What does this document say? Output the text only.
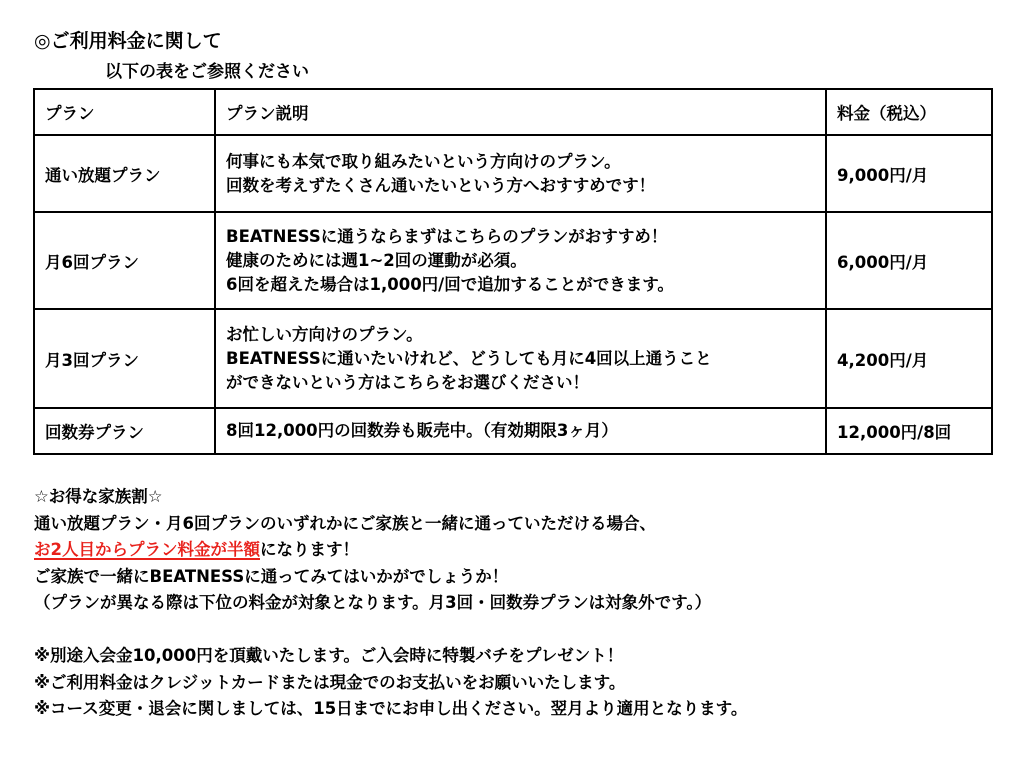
◎ご利用料金に関して
以下の表をご参照ください
プラン	プラン説明	料金（税込）
通い放題プラン	何事にも本気で取り組みたいという方向けのプラン。
回数を考えずたくさん通いたいという方へおすすめです！	9,000円/月
月6回プラン	BEATNESSに通うならまずはこちらのプランがおすすめ！
健康のためには週1~2回の運動が必須。
6回を超えた場合は1,000円/回で追加することができます。	6,000円/月
月3回プラン	お忙しい方向けのプラン。
BEATNESSに通いたいけれど、どうしても月に4回以上通うこと
ができないという方はこちらをお選びください！	4,200円/月
回数券プラン	8回12,000円の回数券も販売中。（有効期限3ヶ月）	12,000円/8回
☆お得な家族割☆
通い放題プラン・月6回プランのいずれかにご家族と一緒に通っていただける場合、
お2人目からプラン料金が半額になります！
ご家族で一緒にBEATNESSに通ってみてはいかがでしょうか！
（プランが異なる際は下位の料金が対象となります。月3回・回数券プランは対象外です。）
※別途入会金10,000円を頂戴いたします。ご入会時に特製バチをプレゼント！
※ご利用料金はクレジットカードまたは現金でのお支払いをお願いいたします。
※コース変更・退会に関しましては、15日までにお申し出ください。翌月より適用となります。
